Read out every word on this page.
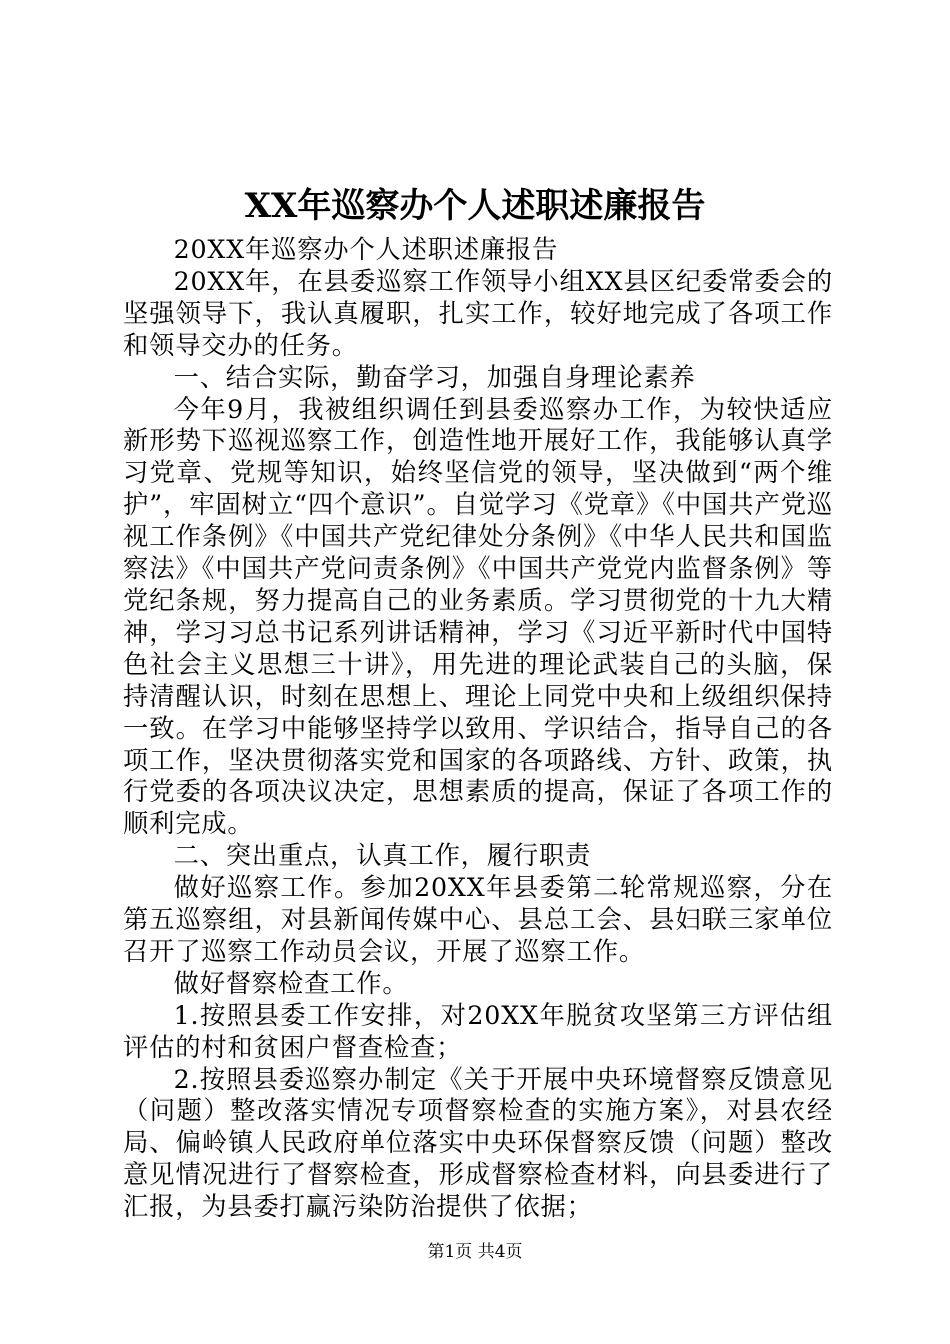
XX年巡察办个人述职述廉报告

20XX年巡察办个人述职述廉报告

20XX年，在县委巡察工作领导小组XX县区纪委常委会的坚强领导下，我认真履职，扎实工作，较好地完成了各项工作和领导交办的任务。

一、结合实际，勤奋学习，加强自身理论素养

今年9月，我被组织调任到县委巡察办工作，为较快适应新形势下巡视巡察工作，创造性地开展好工作，我能够认真学习党章、党规等知识，始终坚信党的领导，坚决做到“两个维护”，牢固树立“四个意识”。自觉学习《党章》《中国共产党巡视工作条例》《中国共产党纪律处分条例》《中华人民共和国监察法》《中国共产党问责条例》《中国共产党党内监督条例》等党纪条规，努力提高自己的业务素质。学习贯彻党的十九大精神，学习习总书记系列讲话精神，学习《习近平新时代中国特色社会主义思想三十讲》，用先进的理论武装自己的头脑，保持清醒认识，时刻在思想上、理论上同党中央和上级组织保持一致。在学习中能够坚持学以致用、学识结合，指导自己的各项工作，坚决贯彻落实党和国家的各项路线、方针、政策，执行党委的各项决议决定，思想素质的提高，保证了各项工作的顺利完成。

二、突出重点，认真工作，履行职责

做好巡察工作。参加20XX年县委第二轮常规巡察，分在第五巡察组，对县新闻传媒中心、县总工会、县妇联三家单位召开了巡察工作动员会议，开展了巡察工作。

做好督察检查工作。

1.按照县委工作安排，对20XX年脱贫攻坚第三方评估组评估的村和贫困户督查检查；

2.按照县委巡察办制定《关于开展中央环境督察反馈意见（问题）整改落实情况专项督察检查的实施方案》，对县农经局、偏岭镇人民政府单位落实中央环保督察反馈（问题）整改意见情况进行了督察检查，形成督察检查材料，向县委进行了汇报，为县委打赢污染防治提供了依据；

第1页 共4页
